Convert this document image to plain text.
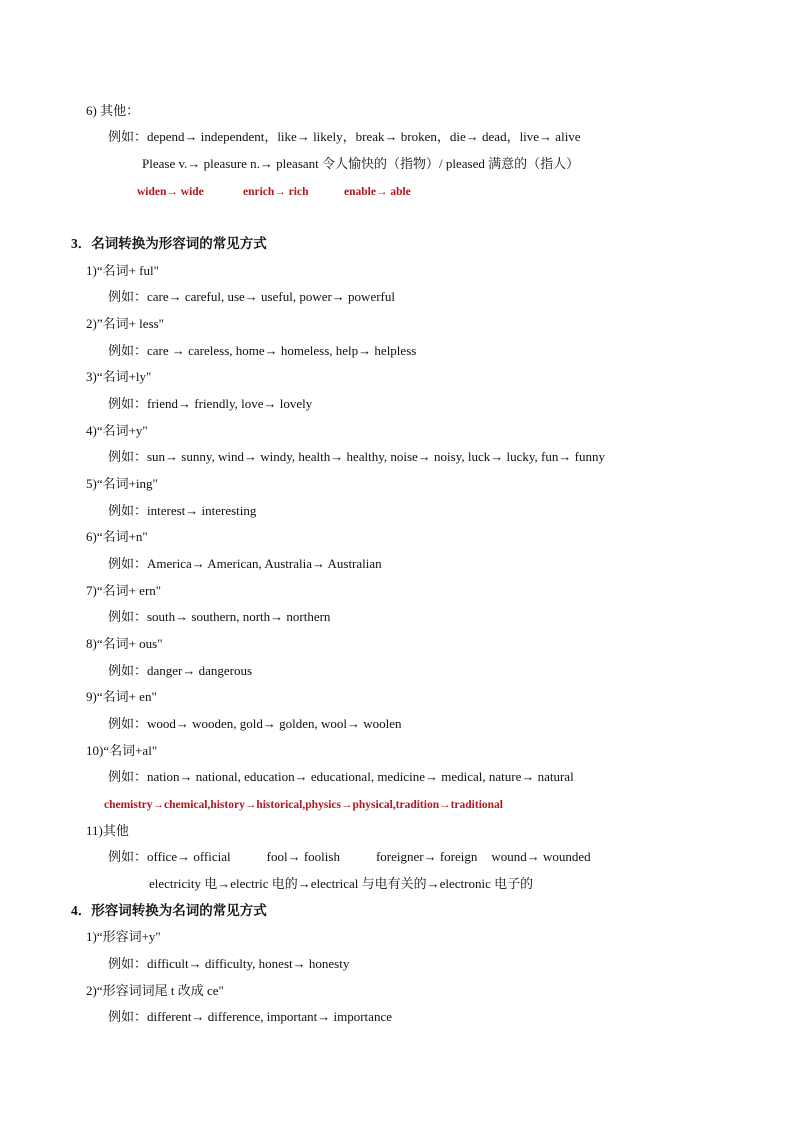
6) 其他：
例如：depend→ independent，like→ likely，break→ broken，die→ dead，live→ alive
Please v.→ pleasure n.→ pleasant 令人愉快的（指物）/ pleased 满意的（指人）
widen→ wide	enrich→ rich	enable→ able
3．名词转换为形容词的常见方式
1)“名词+ ful"
例如：care→ careful, use→ useful, power→ powerful
2)”名词+ less"
例如：care → careless, home→ homeless, help→ helpless
3)“名词+ly"
例如：friend→ friendly, love→ lovely
4)“名词+y"
例如：sun→ sunny, wind→ windy, health→ healthy, noise→ noisy, luck→ lucky, fun→ funny
5)“名词+ing"
例如：interest→ interesting
6)“名词+n"
例如：America→ American, Australia→ Australian
7)“名词+ ern"
例如：south→ southern, north→ northern
8)“名词+ ous"
例如：danger→ dangerous
9)“名词+ en"
例如：wood→ wooden, gold→ golden, wool→ woolen
10)“名词+al"
例如：nation→ national, education→ educational, medicine→ medical, nature→ natural
chemistry→chemical,history→historical,physics→physical,tradition→traditional
11)其他
例如：office→ official	fool→ foolish	foreigner→ foreign wound→ wounded
electricity 电→electric 电的→electrical 与电有关的→electronic 电子的
4．形容词转换为名词的常见方式
1)“形容词+y"
例如：difficult→ difficulty, honest→ honesty
2)“形容词词尾 t 改成 ce"
例如：different→ difference, important→ importance
